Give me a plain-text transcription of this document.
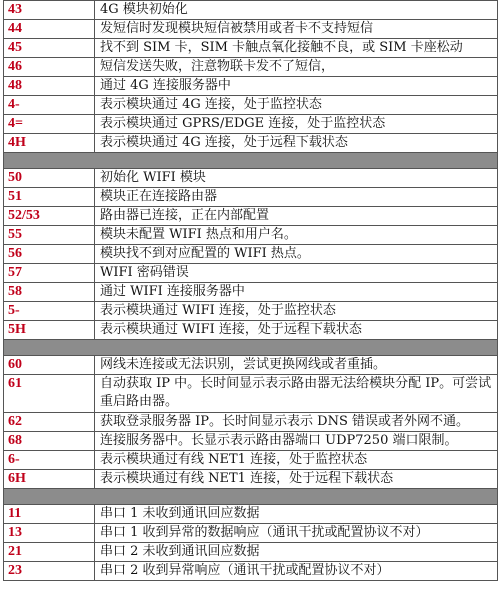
43	4G 模块初始化
44	发短信时发现模块短信被禁用或者卡不支持短信
45	找不到 SIM 卡，SIM 卡触点氧化接触不良，或 SIM 卡座松动
46	短信发送失败，注意物联卡发不了短信，
48	通过 4G 连接服务器中
4-	表示模块通过 4G 连接，处于监控状态
4=	表示模块通过 GPRS/EDGE 连接，处于监控状态
4H	表示模块通过 4G 连接，处于远程下载状态
50	初始化 WIFI 模块
51	模块正在连接路由器
52/53	路由器已连接，正在内部配置
55	模块未配置 WIFI 热点和用户名。
56	模块找不到对应配置的 WIFI 热点。
57	WIFI 密码错误
58	通过 WIFI 连接服务器中
5-	表示模块通过 WIFI 连接，处于监控状态
5H	表示模块通过 WIFI 连接，处于远程下载状态
60	网线未连接或无法识别，尝试更换网线或者重插。
61	自动获取 IP 中。长时间显示表示路由器无法给模块分配 IP。可尝试重启路由器。
62	获取登录服务器 IP。长时间显示表示 DNS 错误或者外网不通。
68	连接服务器中。长显示表示路由器端口 UDP7250 端口限制。
6-	表示模块通过有线 NET1 连接，处于监控状态
6H	表示模块通过有线 NET1 连接，处于远程下载状态
11	串口 1 未收到通讯回应数据
13	串口 1 收到异常的数据响应（通讯干扰或配置协议不对）
21	串口 2 未收到通讯回应数据
23	串口 2 收到异常响应（通讯干扰或配置协议不对）
